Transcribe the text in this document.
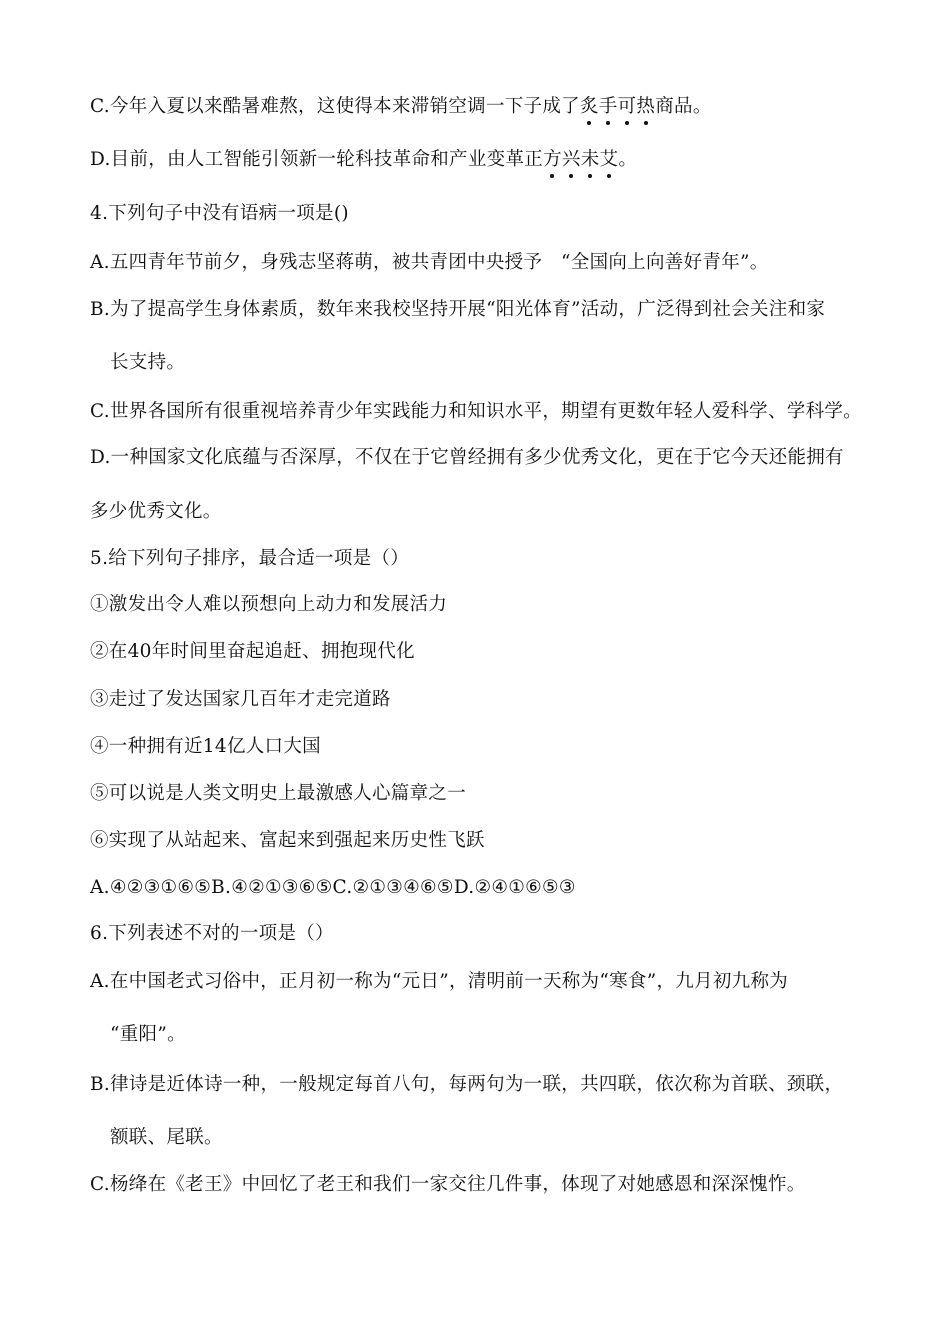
C.今年入夏以来酷暑难熬，这使得本来滞销空调一下子成了炙手可热商品。
D.目前，由人工智能引领新一轮科技革命和产业变革正方兴未艾。
4.下列句子中没有语病一项是()
A.五四青年节前夕，身残志坚蒋萌，被共青团中央授予　“全国向上向善好青年”。
B.为了提高学生身体素质，数年来我校坚持开展“阳光体育”活动，广泛得到社会关注和家
长支持。
C.世界各国所有很重视培养青少年实践能力和知识水平，期望有更数年轻人爱科学、学科学。
D.一种国家文化底蕴与否深厚，不仅在于它曾经拥有多少优秀文化，更在于它今天还能拥有
多少优秀文化。
5.给下列句子排序，最合适一项是（）
①激发出令人难以预想向上动力和发展活力
②在40年时间里奋起追赶、拥抱现代化
③走过了发达国家几百年才走完道路
④一种拥有近14亿人口大国
⑤可以说是人类文明史上最激感人心篇章之一
⑥实现了从站起来、富起来到强起来历史性飞跃
A.④②③①⑥⑤B.④②①③⑥⑤C.②①③④⑥⑤D.②④①⑥⑤③
6.下列表述不对的一项是（）
A.在中国老式习俗中，正月初一称为“元日”，清明前一天称为“寒食”，九月初九称为
“重阳”。
B.律诗是近体诗一种，一般规定每首八句，每两句为一联，共四联，依次称为首联、颈联，
额联、尾联。
C.杨绛在《老王》中回忆了老王和我们一家交往几件事，体现了对她感恩和深深愧怍。
